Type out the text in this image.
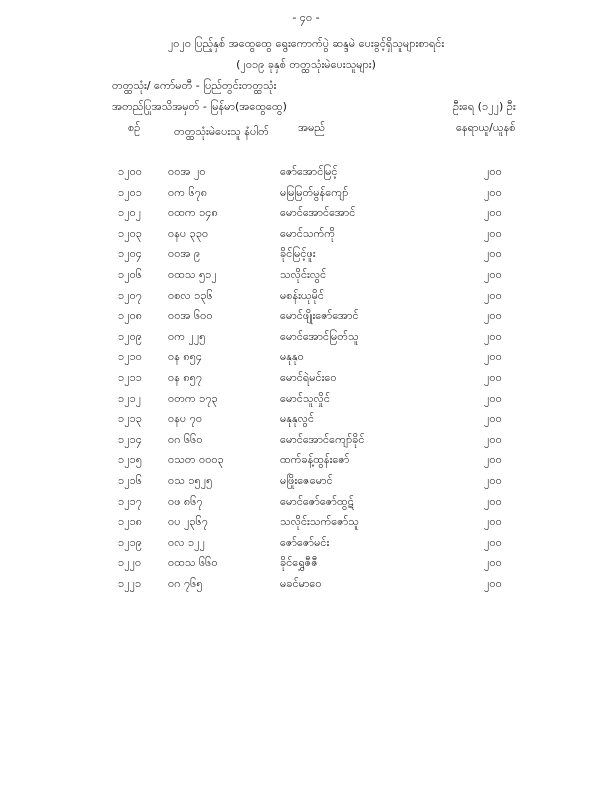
- ၄၀ -
၂၀၂၀ ပြည့်နှစ် အထွေထွေ ရွေးကောက်ပွဲ ဆန္ဒမဲ ပေးခွင့်ရှိသူများစာရင်း
(၂၀၁၉ ခုနှစ် တတ္ထသုံးမဲပေးသူများ)
တတ္ထသုံး/ ကော်မတီ - ပြည်တွင်းတတ္ထသုံး
အတည်ပြုအသိအမှတ် - မြန်မာ(အထွေထွေ)	ဦးရေ (၁၂၂) ဦး
စဉ်	တတ္ထသုံးမဲပေးသူ နံပါတ်	အမည်	နေရာယူ/ယူနစ်
၁၂၀၀ ၀၀အ ၂၀	ဇော်အောင်မြင့်	၂၀၀
၁၂၀၁ ၀က ၆၇၈	မမြမြတ်မွန်ကျော်	၂၀၀
၁၂၀၂ ၀ထက ၁၄၈	မောင်အောင်အောင်	၂၀၀
၁၂၀၃ ၀နပ ၃၃၀	မောင်သက်ကို	၂၀၀
၁၂၀၄ ၀၀အ ၉	ခိုင်မြင့်ဖူး	၂၀၀
၁၂၀၆ ၀ထသ ၅၁၂	သလိုင်းလွင်	၂၀၀
၁၂၀၇ ၀စလ ၁၃၆	မစန်းယုမိုင်	၂၀၀
၁၂၀၈ ၀၀အ ၆၀၀	မောင်ဖျိုးဇော်အောင်	၂၀၀
၁၂၀၉ ၀က ၂၂၅	မောင်အောင်မြတ်သူ	၂၀၀
၁၂၁၀ ၀န ၈၅၄	မနုနု၀	၂၀၀
၁၂၁၁ ၀န ၈၅၇	မောင်ရဲမင်းဝေ	၂၀၀
၁၂၁၂ ၀တက ၁၇၃	မောင်သူလှိုင်	၂၀၀
၁၂၁၃ ၀နပ ၇၀	မနုနုလွင်	၂၀၀
၁၂၁၄ ၀ဂ ၆၆၀	မောင်အောင်ကျော်ခိုင်	၂၀၀
၁၂၁၅ ၀သတ ၀၀၀၃	ထက်ခန့်ထွန်းဇော်	၂၀၀
၁၂၁၆ ၀သ ၁၅၂၅	မဖြိုးဇေမောင်	၂၀၀
၁၂၁၇ ၀ဖ ၈၆၇	မောင်ဇော်ဇော်ထွဋ်	၂၀၀
၁၂၁၈ ၀ပ ၂၃၆၇	သလိုင်းသက်ဇော်သူ	၂၀၀
၁၂၁၉ ၀လ ၁၂၂	ဇော်ဇော်မင်း	၂၀၀
၁၂၂၀ ၀ထသ ၆၆၀	ခိုင်ရွှေဇီဇီ	၂၀၀
၁၂၂၁ ၀ဂ ၇၆၅	မခင်မာဝေ	၂၀၀
